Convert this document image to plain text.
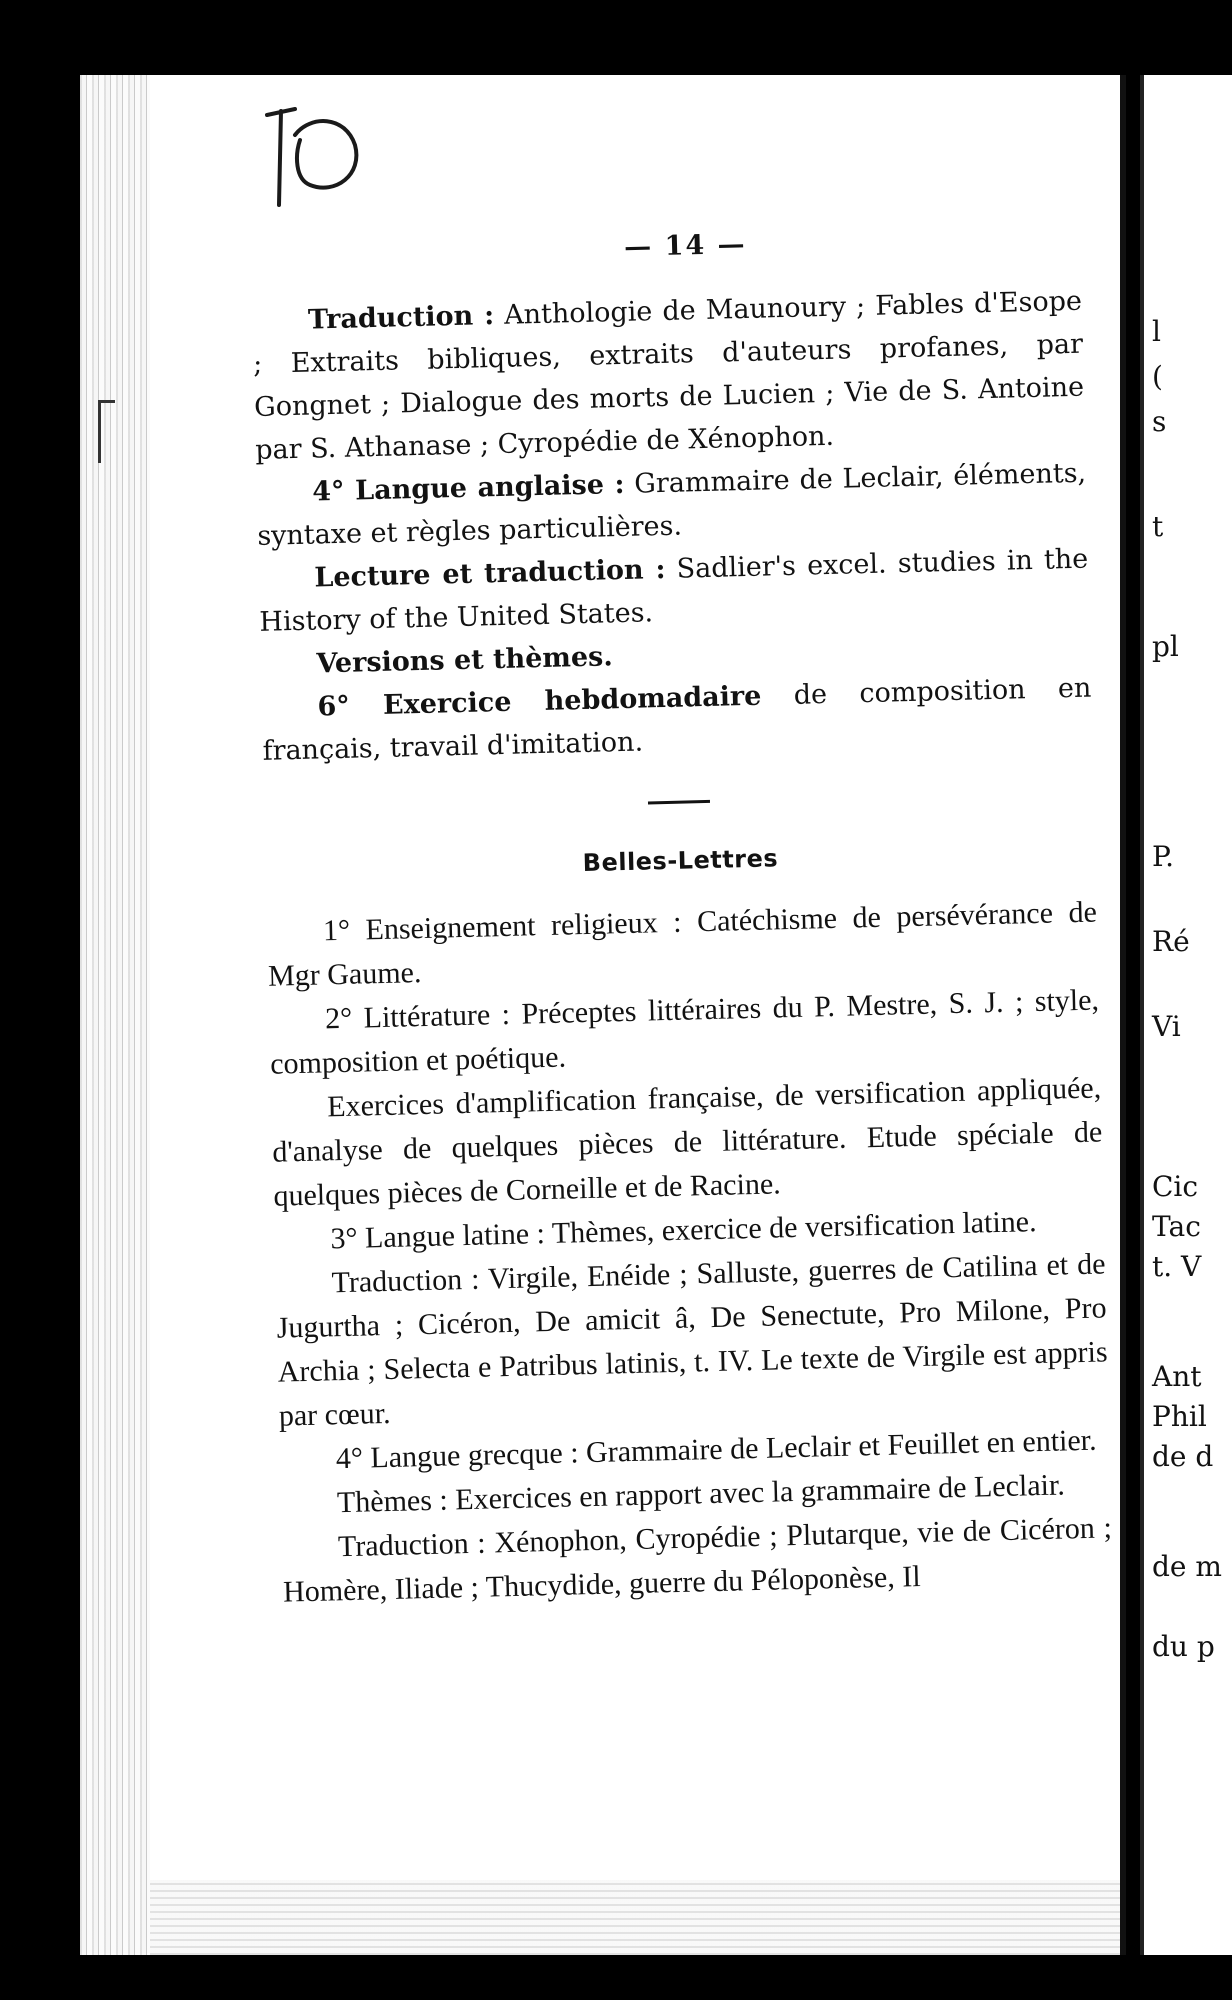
— 14 —

Traduction : Anthologie de Maunoury ; Fables d'Esope ; Extraits bibliques, extraits d'auteurs profanes, par Gongnet ; Dialogue des morts de Lucien ; Vie de S. Antoine par S. Athanase ; Cyropédie de Xénophon.

4° Langue anglaise : Grammaire de Leclair, éléments, syntaxe et règles particulières.

Lecture et traduction : Sadlier's excel. studies in the History of the United States.

Versions et thèmes.

6° Exercice hebdomadaire de composition en français, travail d'imitation.

Belles-Lettres

1° Enseignement religieux : Catéchisme de persévérance de Mgr Gaume.

2° Littérature : Préceptes littéraires du P. Mestre, S. J. ; style, composition et poétique.

Exercices d'amplification française, de versification appliquée, d'analyse de quelques pièces de littérature. Etude spéciale de quelques pièces de Corneille et de Racine.

3° Langue latine : Thèmes, exercice de versification latine.

Traduction : Virgile, Enéide ; Salluste, guerres de Catilina et de Jugurtha ; Cicéron, De amicit â, De Senectute, Pro Milone, Pro Archia ; Selecta e Patribus latinis, t. IV. Le texte de Virgile est appris par cœur.

4° Langue grecque : Grammaire de Leclair et Feuillet en entier.

Thèmes : Exercices en rapport avec la grammaire de Leclair.

Traduction : Xénophon, Cyropédie ; Plutarque, vie de Cicéron ; Homère, Iliade ; Thucydide, guerre du Péloponèse, Il

l
(
s
t
pl
P.
Ré
Vi
Cic
Tac
t. V
Ant
Phil
de d
de m
du p
